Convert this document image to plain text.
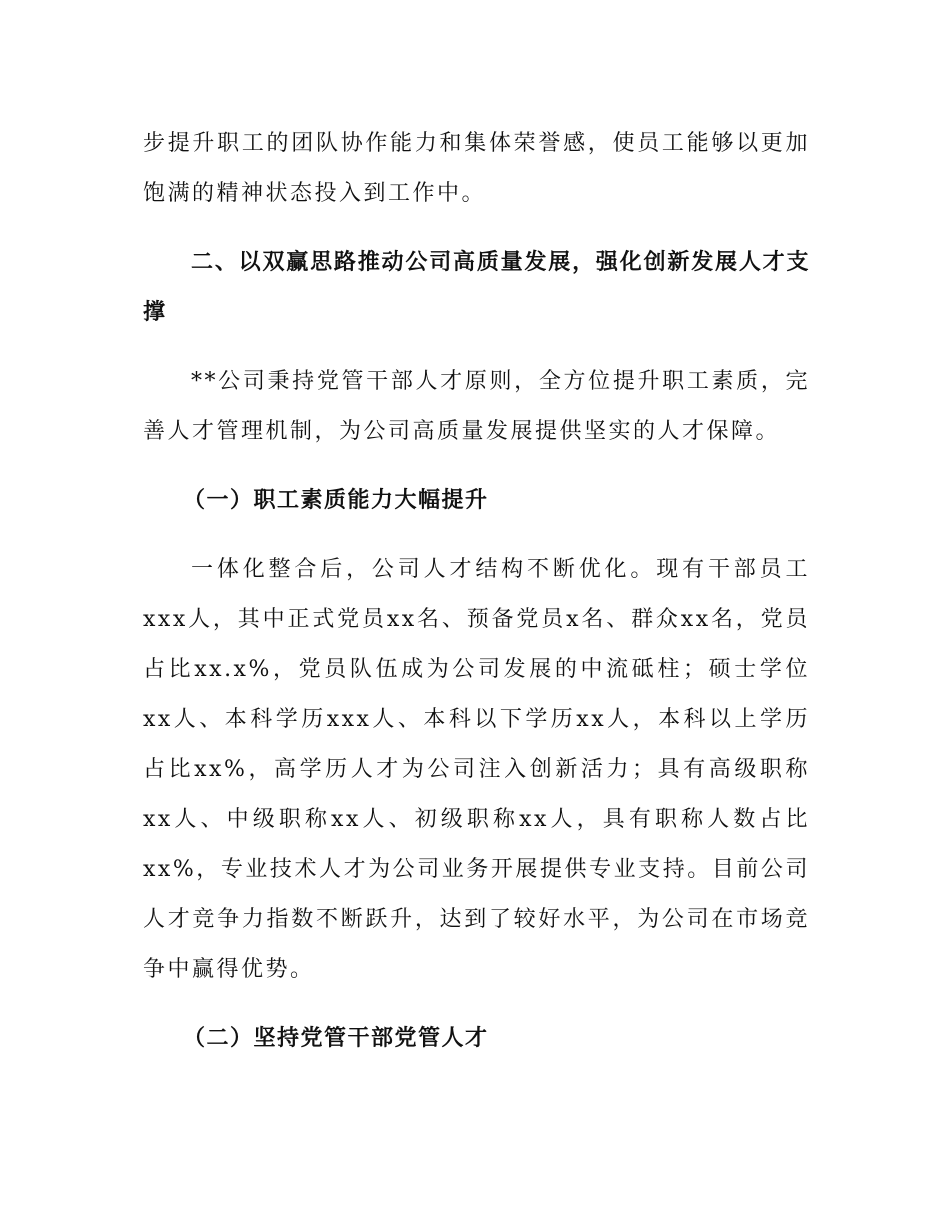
步提升职工的团队协作能力和集体荣誉感，使员工能够以更加饱满的精神状态投入到工作中。

二、以双赢思路推动公司高质量发展，强化创新发展人才支撑

**公司秉持党管干部人才原则，全方位提升职工素质，完善人才管理机制，为公司高质量发展提供坚实的人才保障。

（一）职工素质能力大幅提升

一体化整合后，公司人才结构不断优化。现有干部员工xxx人，其中正式党员xx名、预备党员x名、群众xx名，党员占比xx.x%，党员队伍成为公司发展的中流砥柱；硕士学位xx人、本科学历xxx人、本科以下学历xx人，本科以上学历占比xx%，高学历人才为公司注入创新活力；具有高级职称xx人、中级职称xx人、初级职称xx人，具有职称人数占比xx%，专业技术人才为公司业务开展提供专业支持。目前公司人才竞争力指数不断跃升，达到了较好水平，为公司在市场竞争中赢得优势。

（二）坚持党管干部党管人才
